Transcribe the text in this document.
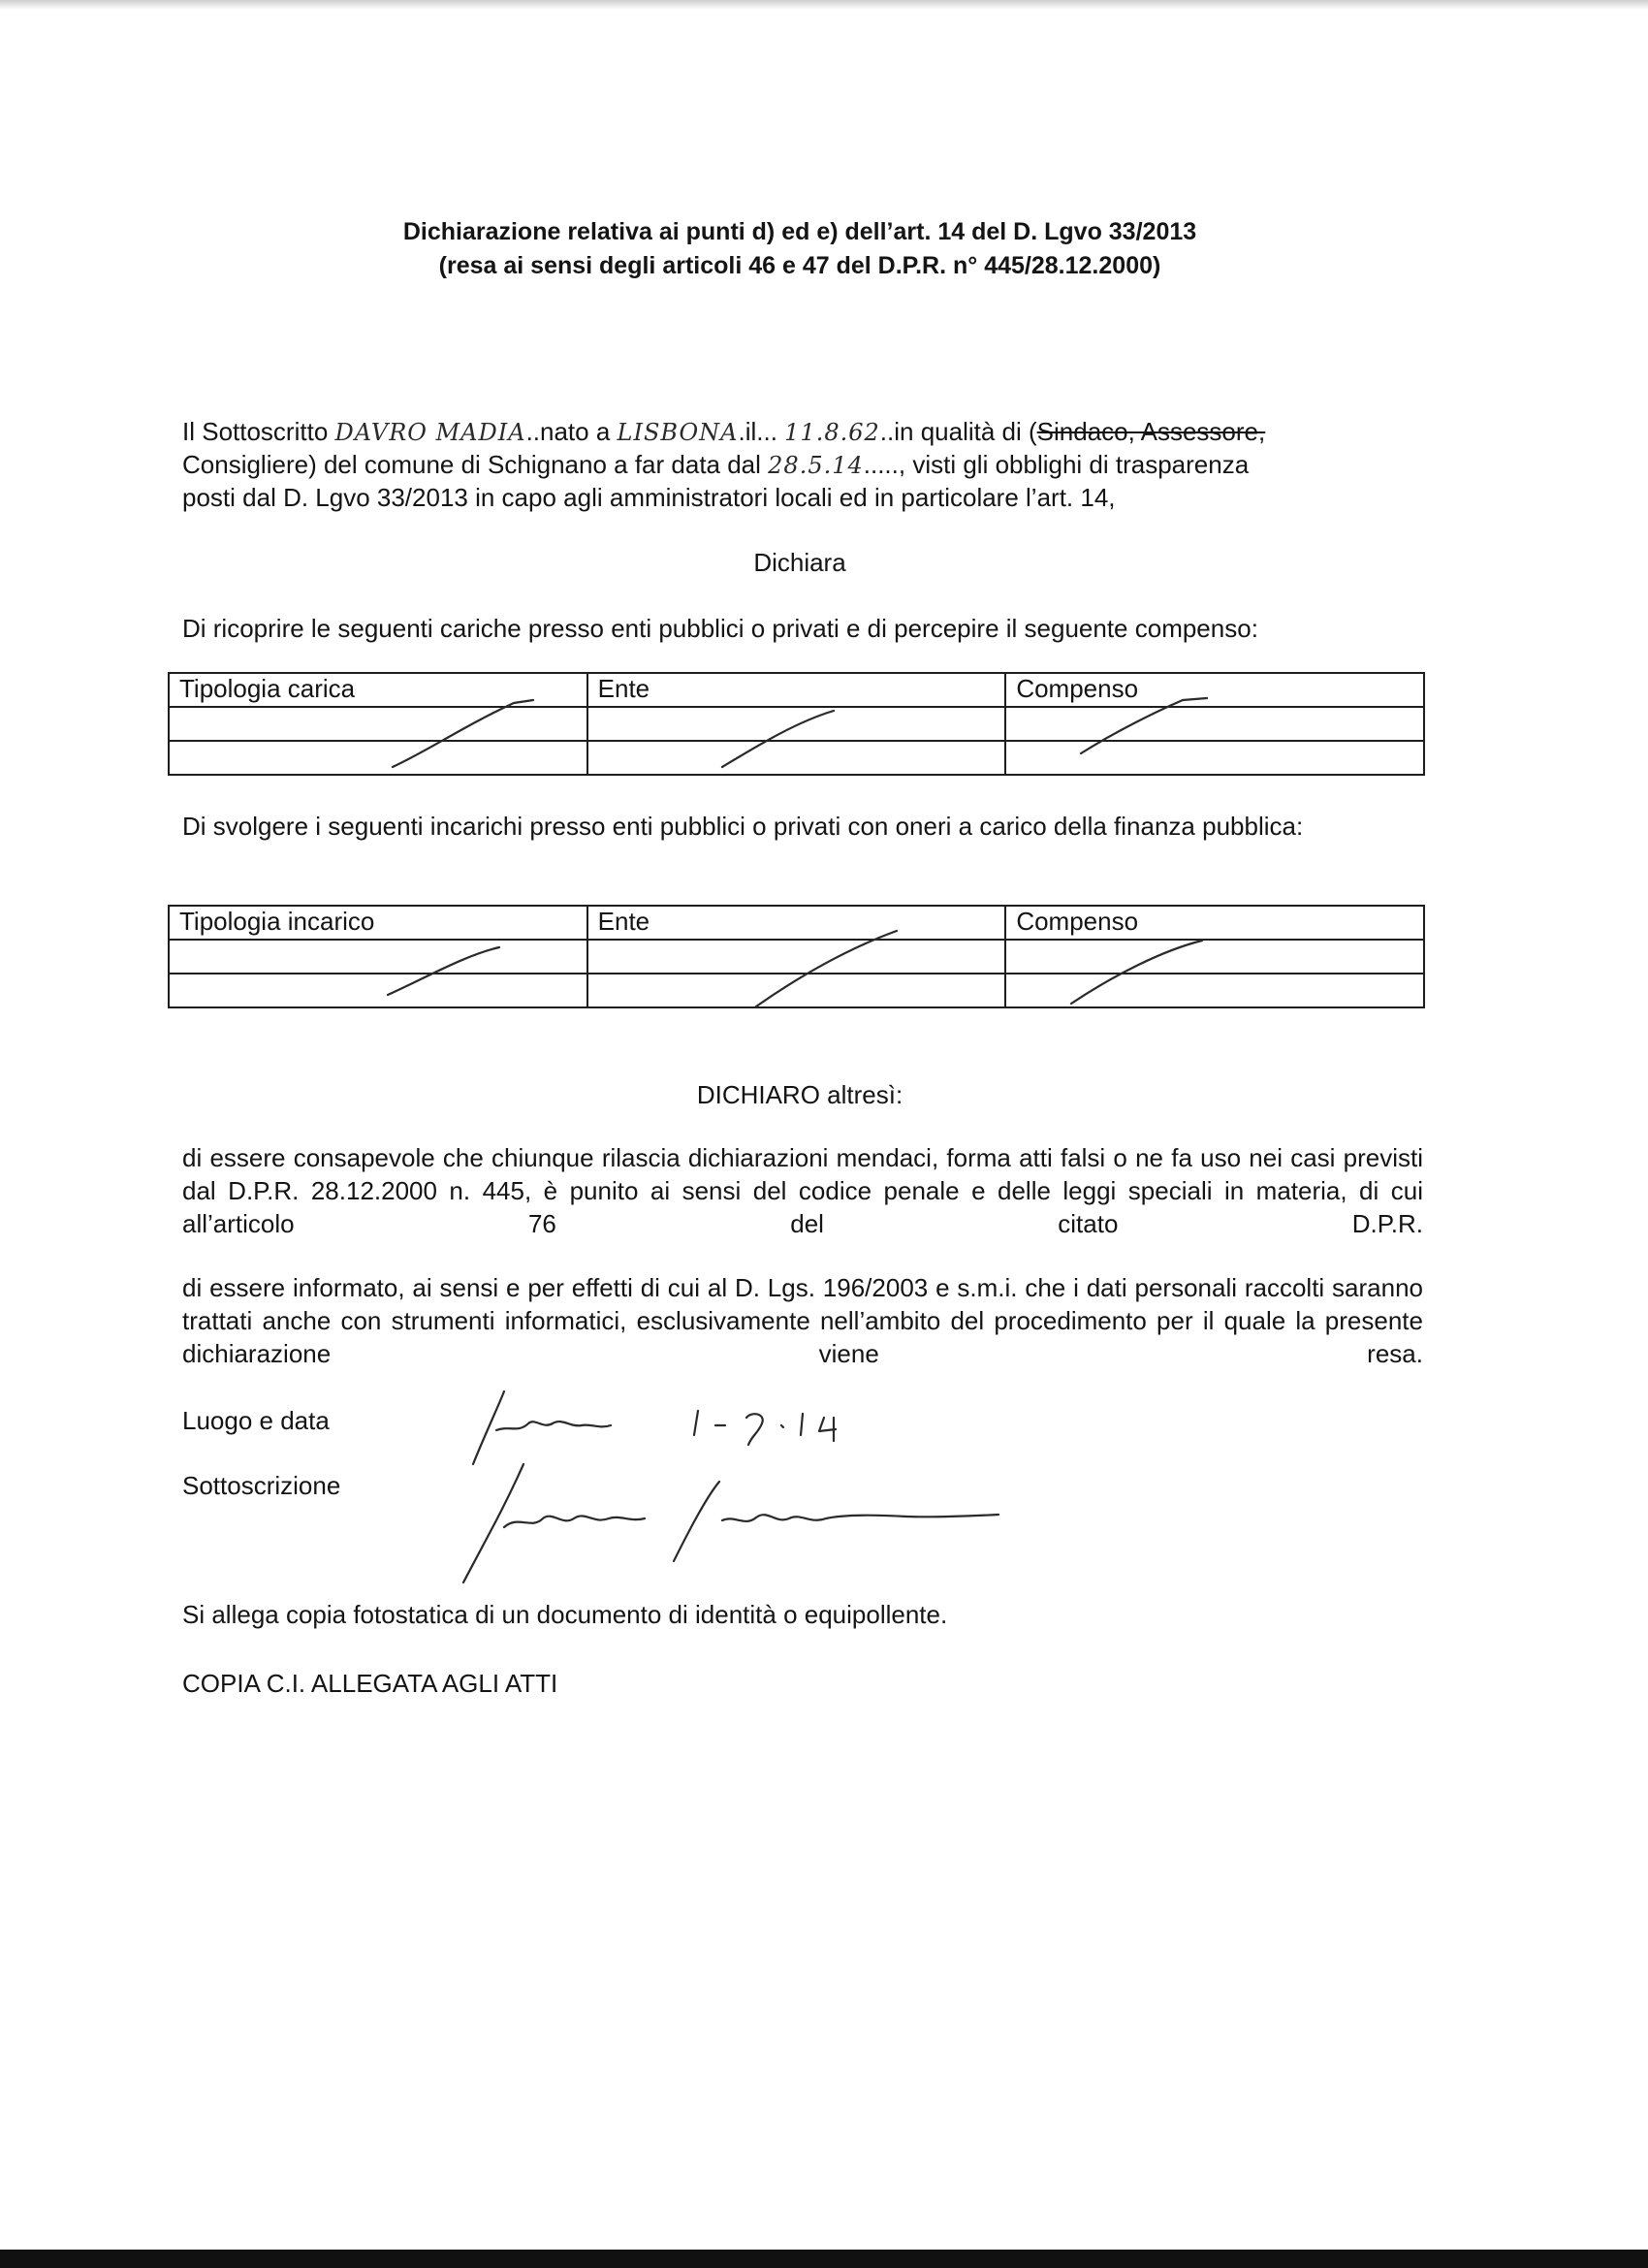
Dichiarazione relativa ai punti d) ed e) dell’art. 14 del D. Lgvo 33/2013
(resa ai sensi degli articoli 46 e 47 del D.P.R. n° 445/28.12.2000)
Il Sottoscritto DAVRO MADIA..nato a LISBONA.il... 11.8.62..in qualità di (Sindaco, Assessore,
Consigliere) del comune di Schignano a far data dal 28.5.14....., visti gli obblighi di trasparenza
posti dal D. Lgvo 33/2013 in capo agli amministratori locali ed in particolare l’art. 14,
Dichiara
Di ricoprire le seguenti cariche presso enti pubblici o privati e di percepire il seguente compenso:
Tipologia carica	Ente	Compenso

Di svolgere i seguenti incarichi presso enti pubblici o privati con oneri a carico della finanza pubblica:
Tipologia incarico	Ente	Compenso

DICHIARO altresì:
di essere consapevole che chiunque rilascia dichiarazioni mendaci, forma atti falsi o ne fa uso nei casi previsti dal D.P.R. 28.12.2000 n. 445, è punito ai sensi del codice penale e delle leggi speciali in materia, di cui all’articolo 76 del citato D.P.R.
di essere informato, ai sensi e per effetti di cui al D. Lgs. 196/2003 e s.m.i. che i dati personali raccolti saranno trattati anche con strumenti informatici, esclusivamente nell’ambito del procedimento per il quale la presente dichiarazione viene resa.
Luogo e data
Sottoscrizione
Si allega copia fotostatica di un documento di identità o equipollente.
COPIA C.I. ALLEGATA AGLI ATTI
